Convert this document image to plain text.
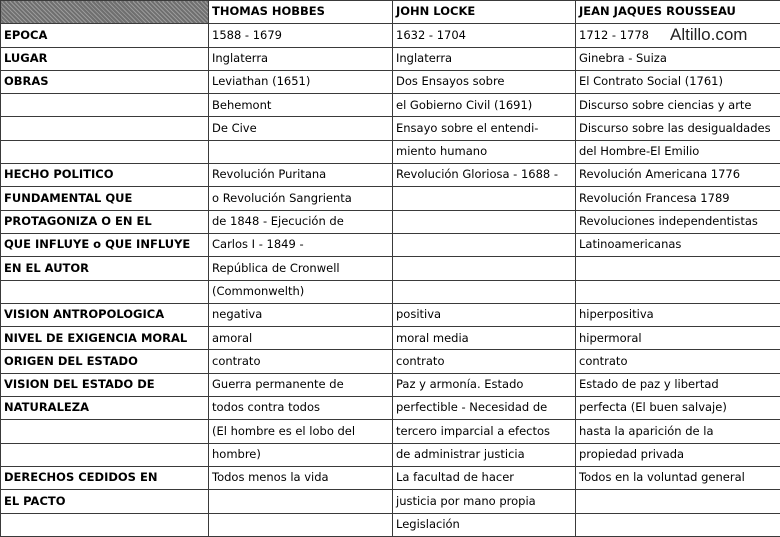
	THOMAS HOBBES	JOHN LOCKE	JEAN JAQUES ROUSSEAU
EPOCA	1588 - 1679	1632 - 1704	1712 - 1778
LUGAR	Inglaterra	Inglaterra	Ginebra - Suiza
OBRAS	Leviathan (1651)	Dos Ensayos sobre	El Contrato Social (1761)
	Behemont	el Gobierno Civil (1691)	Discurso sobre ciencias y arte
	De Cive	Ensayo sobre el entendi-	Discurso sobre las desigualdades
		miento humano	del Hombre-El Emilio
HECHO POLITICO	Revolución Puritana	Revolución Gloriosa - 1688 -	Revolución Americana 1776
FUNDAMENTAL QUE	o Revolución Sangrienta		Revolución Francesa 1789
PROTAGONIZA O EN EL	de 1848 - Ejecución de		Revoluciones independentistas
QUE INFLUYE o QUE INFLUYE	Carlos I - 1849 -		Latinoamericanas
EN EL AUTOR	República de Cronwell		
	(Commonwelth)		
VISION ANTROPOLOGICA	negativa	positiva	hiperpositiva
NIVEL DE EXIGENCIA MORAL	amoral	moral media	hipermoral
ORIGEN DEL ESTADO	contrato	contrato	contrato
VISION DEL ESTADO DE	Guerra permanente de	Paz y armonía. Estado	Estado de paz y libertad
NATURALEZA	todos contra todos	perfectible - Necesidad de	perfecta (El buen salvaje)
	(El hombre es el lobo del	tercero imparcial a efectos	hasta la aparición de la
	hombre)	de administrar justicia	propiedad privada
DERECHOS CEDIDOS EN	Todos menos la vida	La facultad de hacer	Todos en la voluntad general
EL PACTO		justicia por mano propia	
		Legislación	
Altillo.com
